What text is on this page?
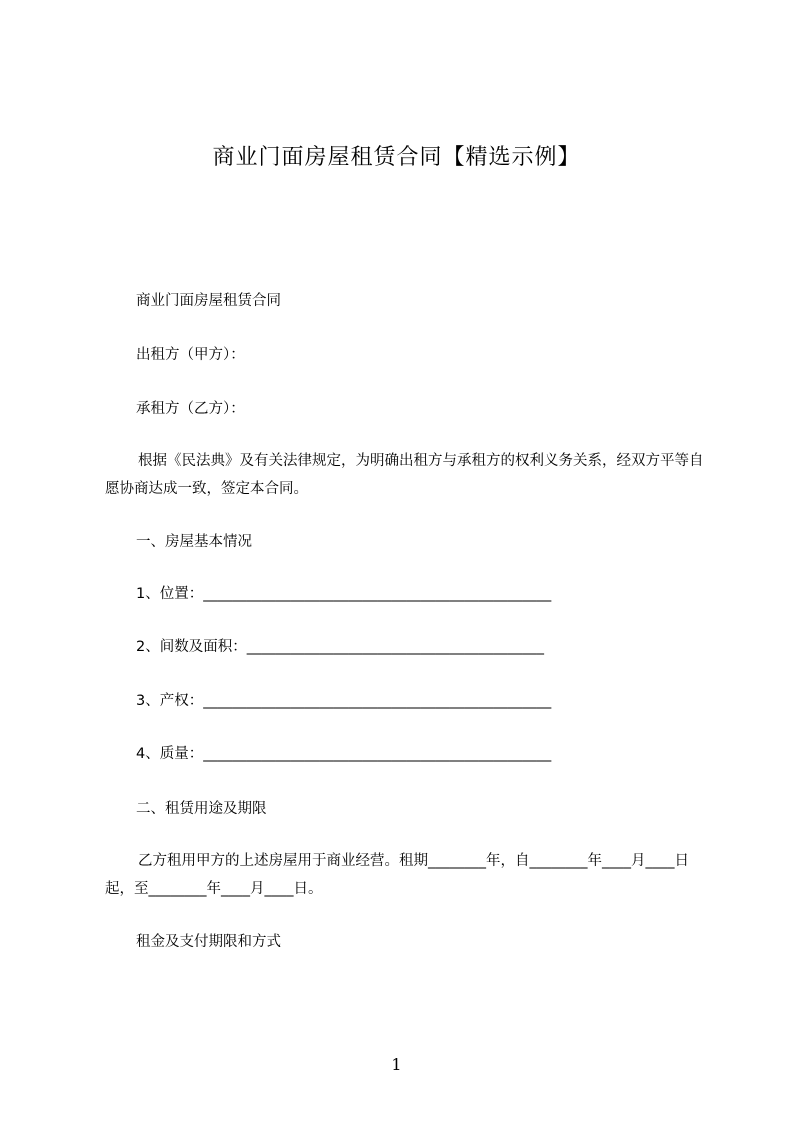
商业门面房屋租赁合同【精选示例】
商业门面房屋租赁合同
出租方（甲方）：
承租方（乙方）：
根据《民法典》及有关法律规定，为明确出租方与承租方的权利义务关系，经双方平等自愿协商达成一致，签定本合同。
一、房屋基本情况
1、位置：________________________________________________
2、间数及面积：_________________________________________
3、产权：________________________________________________
4、质量：________________________________________________
二、租赁用途及期限
乙方租用甲方的上述房屋用于商业经营。租期________年，自________年____月____日起，至________年____月____日。
租金及支付期限和方式
1
